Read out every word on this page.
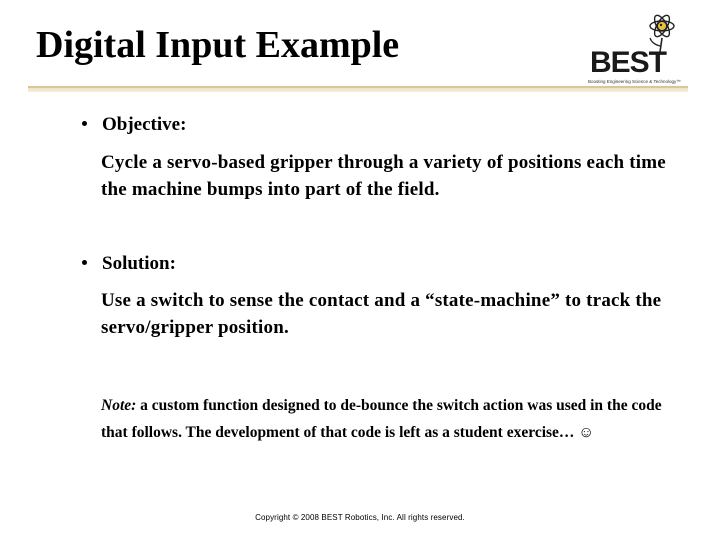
Digital Input Example	BEST
Boosting Engineering Science & Technology™
Objective:
Cycle a servo-based gripper through a variety of positions each time the machine bumps into part of the field.
Solution:
Use a switch to sense the contact and a “state-machine” to track the servo/gripper position.
Note: a custom function designed to de-bounce the switch action was used in the code that follows. The development of that code is left as a student exercise… ☺
Copyright © 2008 BEST Robotics, Inc. All rights reserved.
